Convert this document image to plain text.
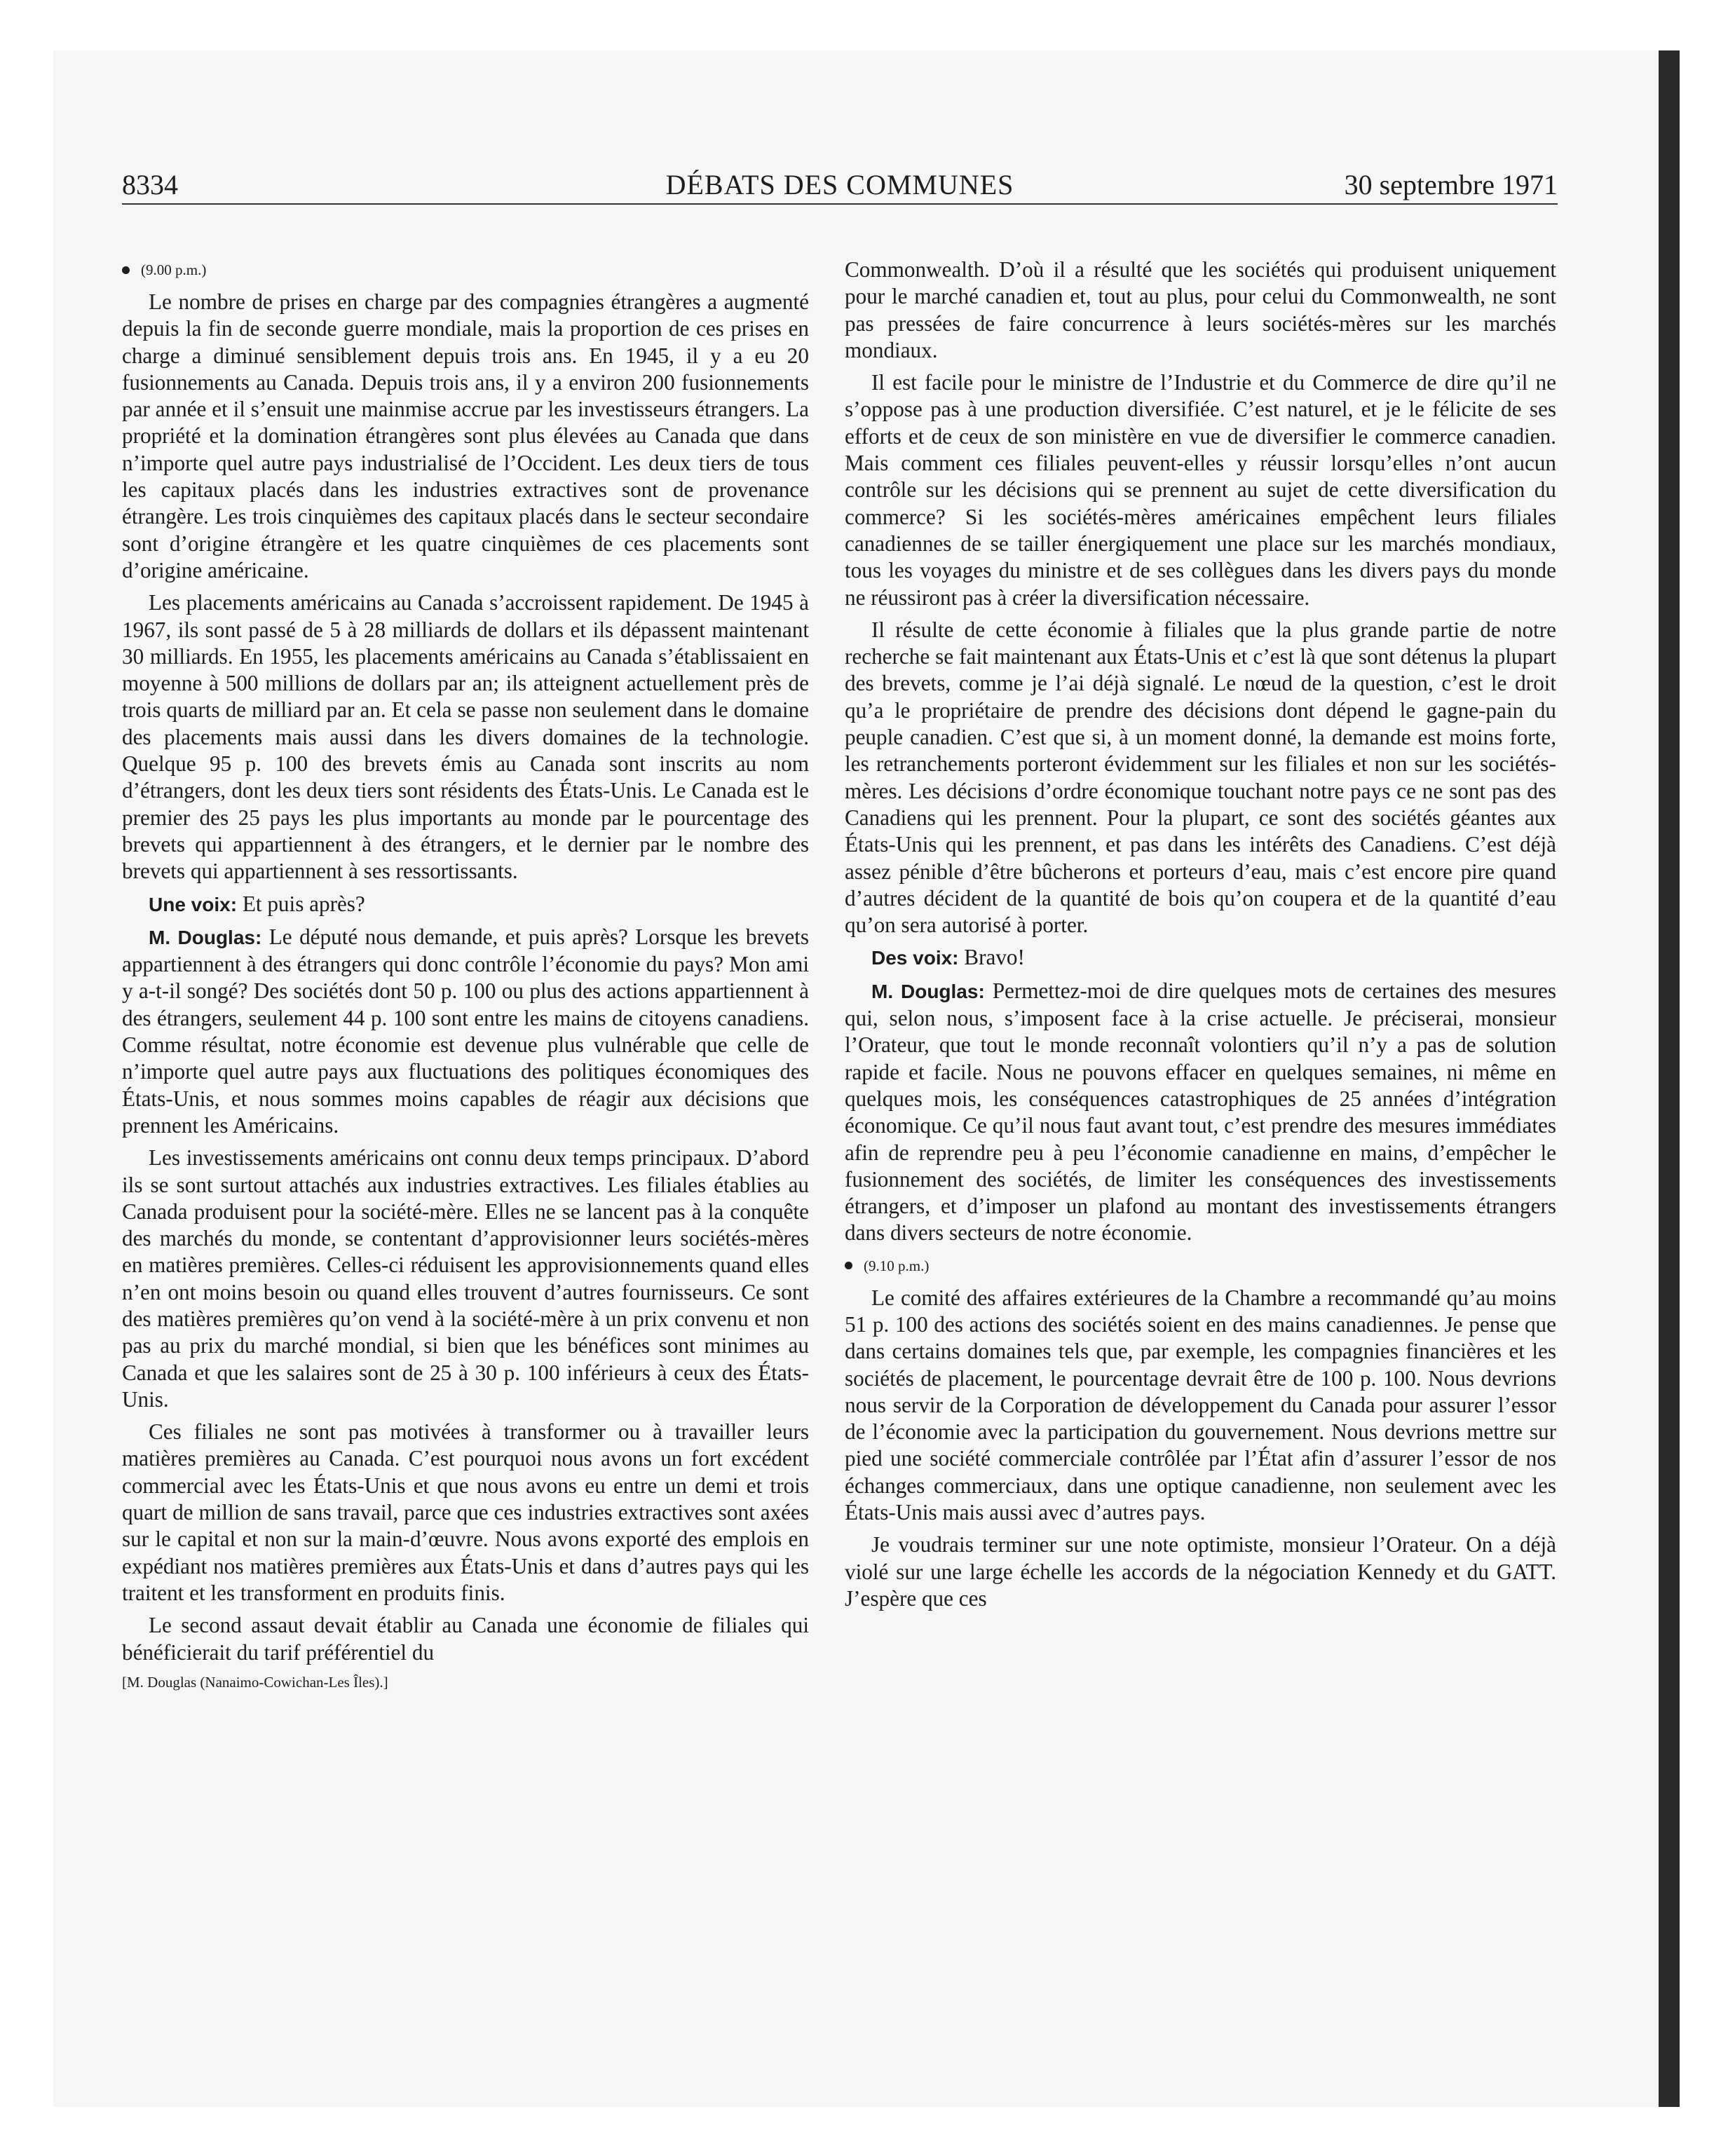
8334	DÉBATS DES COMMUNES	30 septembre 1971

(9.00 p.m.)

Le nombre de prises en charge par des compagnies étrangères a augmenté depuis la fin de seconde guerre mondiale, mais la proportion de ces prises en charge a diminué sensiblement depuis trois ans. En 1945, il y a eu 20 fusionnements au Canada. Depuis trois ans, il y a environ 200 fusionnements par année et il s’ensuit une mainmise accrue par les investisseurs étrangers. La propriété et la domination étrangères sont plus élevées au Canada que dans n’importe quel autre pays industrialisé de l’Occident. Les deux tiers de tous les capitaux placés dans les industries extractives sont de provenance étrangère. Les trois cinquièmes des capitaux placés dans le secteur secondaire sont d’origine étrangère et les quatre cinquièmes de ces placements sont d’origine américaine.

Les placements américains au Canada s’accroissent rapidement. De 1945 à 1967, ils sont passé de 5 à 28 milliards de dollars et ils dépassent maintenant 30 milliards. En 1955, les placements américains au Canada s’établissaient en moyenne à 500 millions de dollars par an; ils atteignent actuellement près de trois quarts de milliard par an. Et cela se passe non seulement dans le domaine des placements mais aussi dans les divers domaines de la technologie. Quelque 95 p. 100 des brevets émis au Canada sont inscrits au nom d’étrangers, dont les deux tiers sont résidents des États-Unis. Le Canada est le premier des 25 pays les plus importants au monde par le pourcentage des brevets qui appartiennent à des étrangers, et le dernier par le nombre des brevets qui appartiennent à ses ressortissants.

Une voix: Et puis après?

M. Douglas: Le député nous demande, et puis après? Lorsque les brevets appartiennent à des étrangers qui donc contrôle l’économie du pays? Mon ami y a-t-il songé? Des sociétés dont 50 p. 100 ou plus des actions appartiennent à des étrangers, seulement 44 p. 100 sont entre les mains de citoyens canadiens. Comme résultat, notre économie est devenue plus vulnérable que celle de n’importe quel autre pays aux fluctuations des politiques économiques des États-Unis, et nous sommes moins capables de réagir aux décisions que prennent les Américains.

Les investissements américains ont connu deux temps principaux. D’abord ils se sont surtout attachés aux industries extractives. Les filiales établies au Canada produisent pour la société-mère. Elles ne se lancent pas à la conquête des marchés du monde, se contentant d’approvisionner leurs sociétés-mères en matières premières. Celles-ci réduisent les approvisionnements quand elles n’en ont moins besoin ou quand elles trouvent d’autres fournisseurs. Ce sont des matières premières qu’on vend à la société-mère à un prix convenu et non pas au prix du marché mondial, si bien que les bénéfices sont minimes au Canada et que les salaires sont de 25 à 30 p. 100 inférieurs à ceux des États-Unis.

Ces filiales ne sont pas motivées à transformer ou à travailler leurs matières premières au Canada. C’est pourquoi nous avons un fort excédent commercial avec les États-Unis et que nous avons eu entre un demi et trois quart de million de sans travail, parce que ces industries extractives sont axées sur le capital et non sur la main-d’œuvre. Nous avons exporté des emplois en expédiant nos matières premières aux États-Unis et dans d’autres pays qui les traitent et les transforment en produits finis.

Le second assaut devait établir au Canada une économie de filiales qui bénéficierait du tarif préférentiel du

[M. Douglas (Nanaimo-Cowichan-Les Îles).]

Commonwealth. D’où il a résulté que les sociétés qui produisent uniquement pour le marché canadien et, tout au plus, pour celui du Commonwealth, ne sont pas pressées de faire concurrence à leurs sociétés-mères sur les marchés mondiaux.

Il est facile pour le ministre de l’Industrie et du Commerce de dire qu’il ne s’oppose pas à une production diversifiée. C’est naturel, et je le félicite de ses efforts et de ceux de son ministère en vue de diversifier le commerce canadien. Mais comment ces filiales peuvent-elles y réussir lorsqu’elles n’ont aucun contrôle sur les décisions qui se prennent au sujet de cette diversification du commerce? Si les sociétés-mères américaines empêchent leurs filiales canadiennes de se tailler énergiquement une place sur les marchés mondiaux, tous les voyages du ministre et de ses collègues dans les divers pays du monde ne réussiront pas à créer la diversification nécessaire.

Il résulte de cette économie à filiales que la plus grande partie de notre recherche se fait maintenant aux États-Unis et c’est là que sont détenus la plupart des brevets, comme je l’ai déjà signalé. Le nœud de la question, c’est le droit qu’a le propriétaire de prendre des décisions dont dépend le gagne-pain du peuple canadien. C’est que si, à un moment donné, la demande est moins forte, les retranchements porteront évidemment sur les filiales et non sur les sociétés-mères. Les décisions d’ordre économique touchant notre pays ce ne sont pas des Canadiens qui les prennent. Pour la plupart, ce sont des sociétés géantes aux États-Unis qui les prennent, et pas dans les intérêts des Canadiens. C’est déjà assez pénible d’être bûcherons et porteurs d’eau, mais c’est encore pire quand d’autres décident de la quantité de bois qu’on coupera et de la quantité d’eau qu’on sera autorisé à porter.

Des voix: Bravo!

M. Douglas: Permettez-moi de dire quelques mots de certaines des mesures qui, selon nous, s’imposent face à la crise actuelle. Je préciserai, monsieur l’Orateur, que tout le monde reconnaît volontiers qu’il n’y a pas de solution rapide et facile. Nous ne pouvons effacer en quelques semaines, ni même en quelques mois, les conséquences catastrophiques de 25 années d’intégration économique. Ce qu’il nous faut avant tout, c’est prendre des mesures immédiates afin de reprendre peu à peu l’économie canadienne en mains, d’empêcher le fusionnement des sociétés, de limiter les conséquences des investissements étrangers, et d’imposer un plafond au montant des investissements étrangers dans divers secteurs de notre économie.

(9.10 p.m.)

Le comité des affaires extérieures de la Chambre a recommandé qu’au moins 51 p. 100 des actions des sociétés soient en des mains canadiennes. Je pense que dans certains domaines tels que, par exemple, les compagnies financières et les sociétés de placement, le pourcentage devrait être de 100 p. 100. Nous devrions nous servir de la Corporation de développement du Canada pour assurer l’essor de l’économie avec la participation du gouvernement. Nous devrions mettre sur pied une société commerciale contrôlée par l’État afin d’assurer l’essor de nos échanges commerciaux, dans une optique canadienne, non seulement avec les États-Unis mais aussi avec d’autres pays.

Je voudrais terminer sur une note optimiste, monsieur l’Orateur. On a déjà violé sur une large échelle les accords de la négociation Kennedy et du GATT. J’espère que ces
